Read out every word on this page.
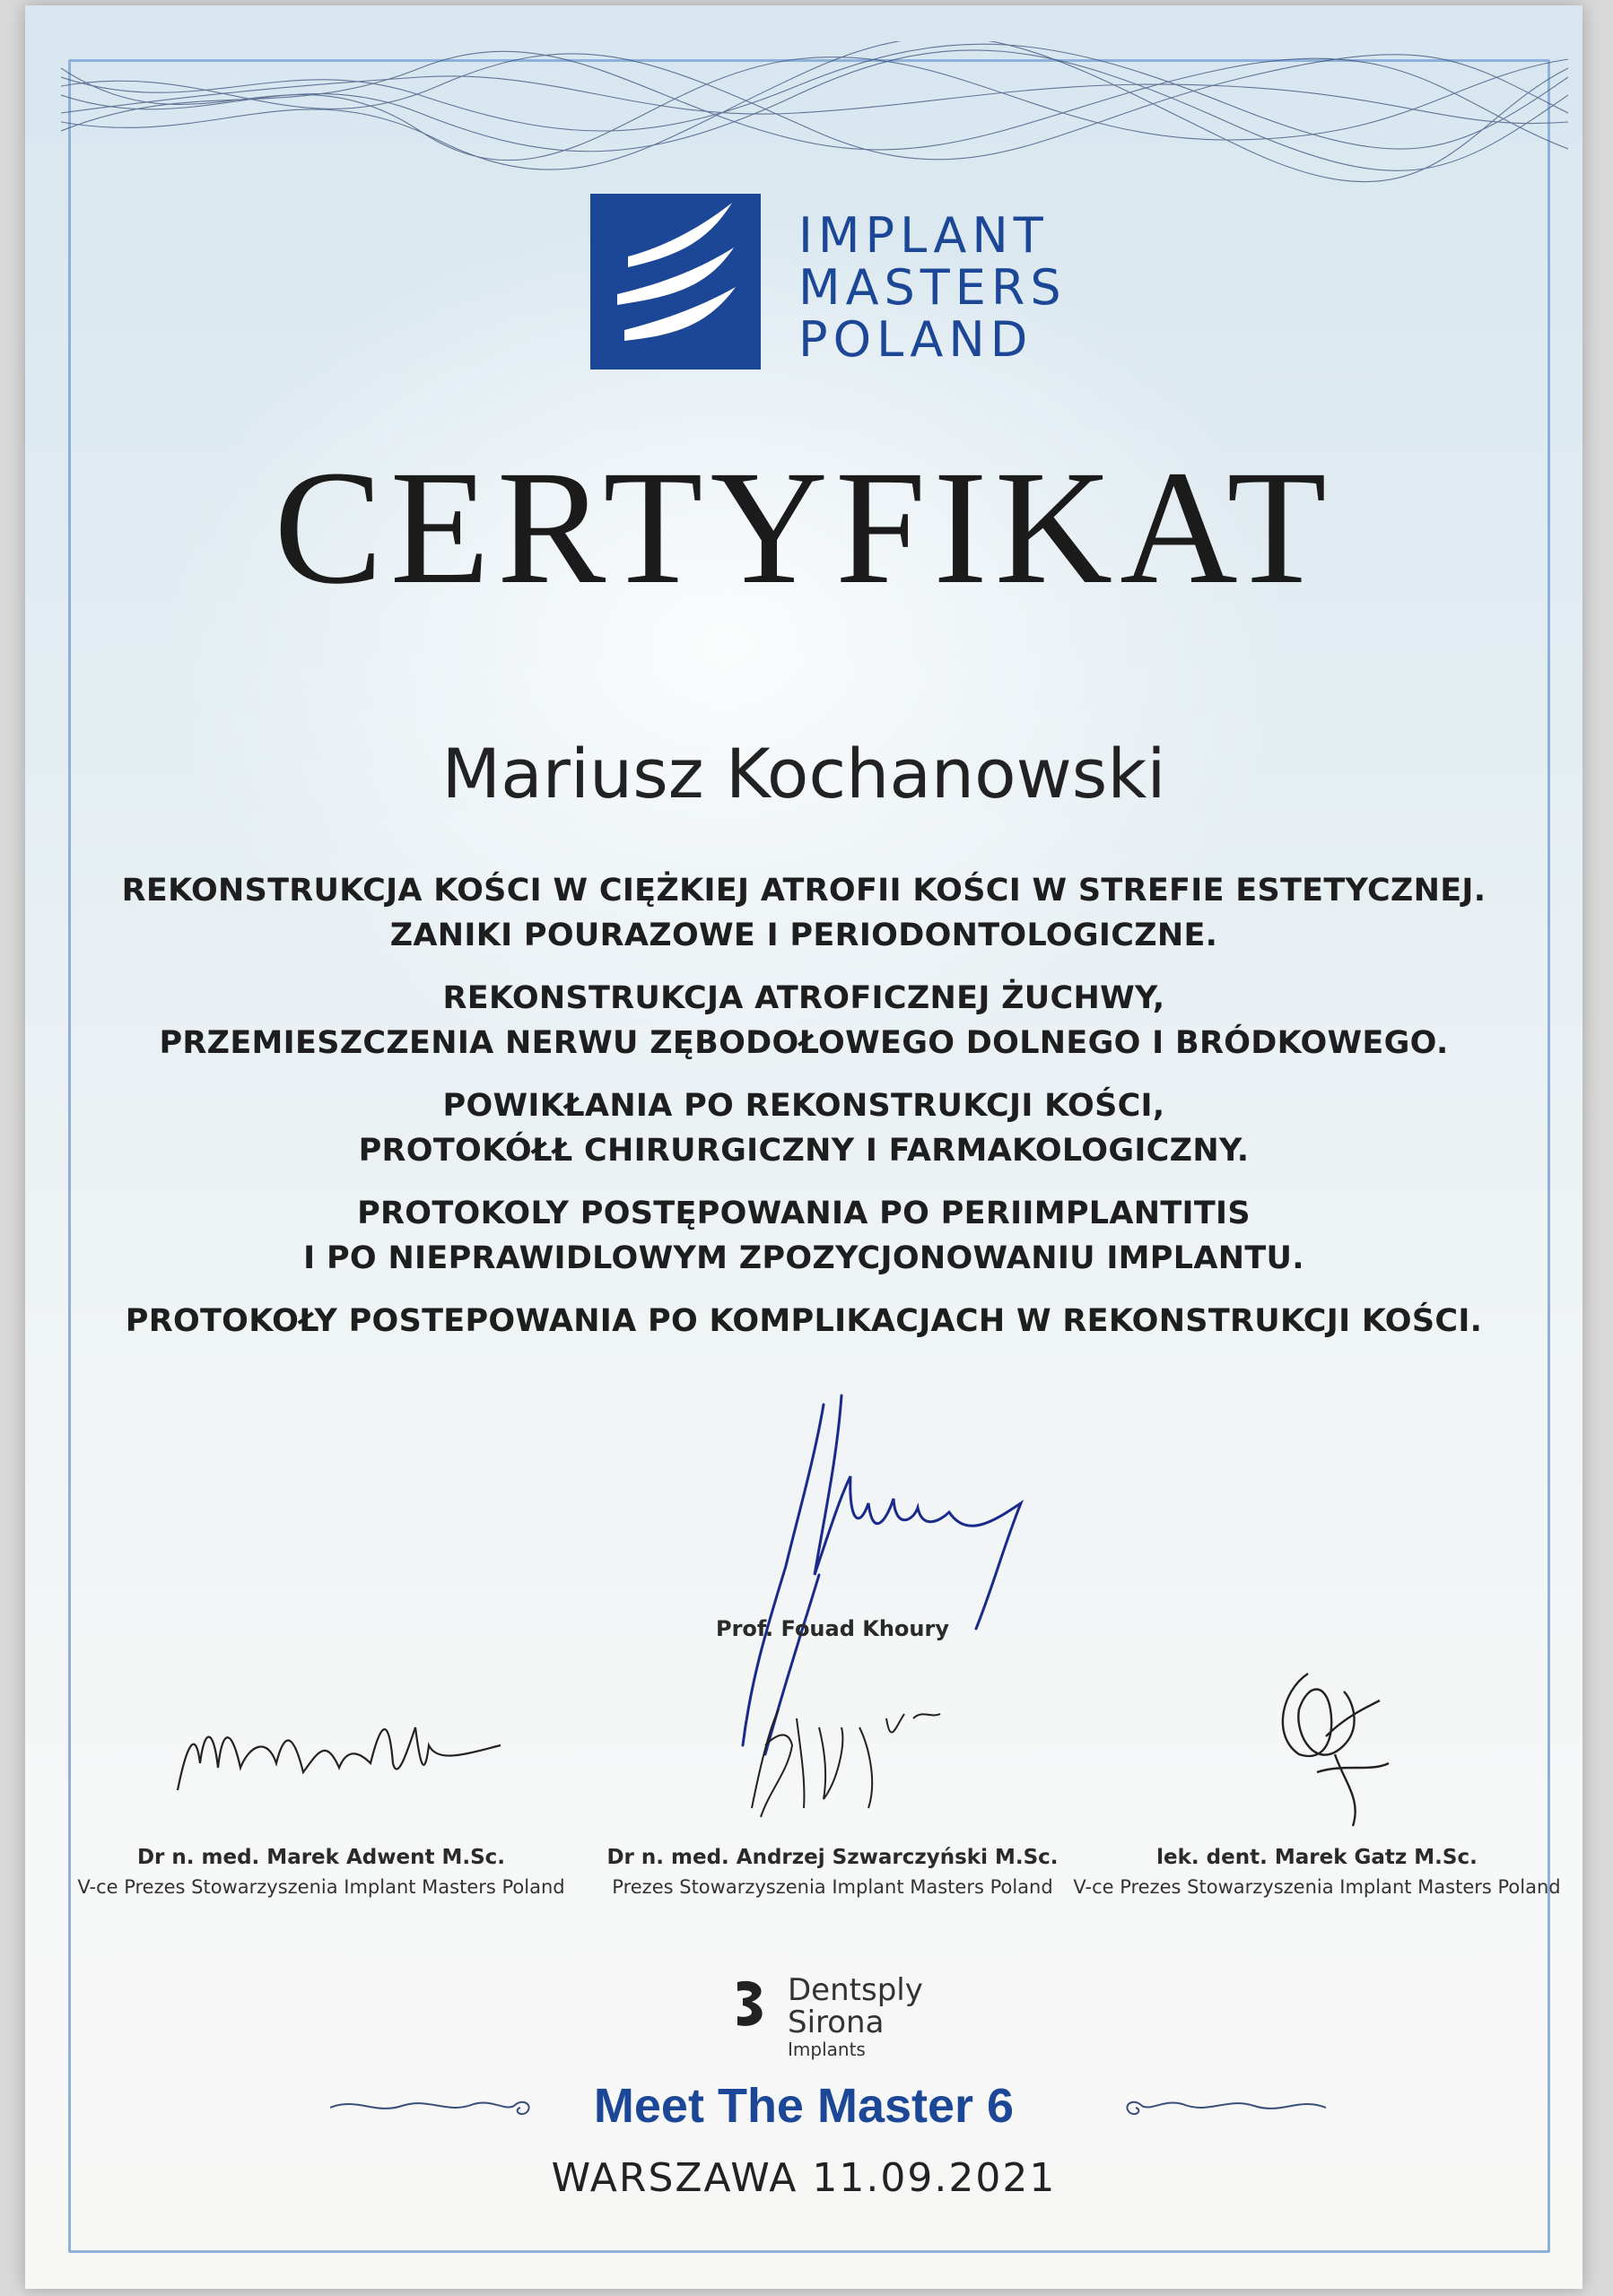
IMPLANT
MASTERS
POLAND
CERTYFIKAT
Mariusz Kochanowski
REKONSTRUKCJA KOŚCI W CIĘŻKIEJ ATROFII KOŚCI W STREFIE ESTETYCZNEJ.
ZANIKI POURAZOWE I PERIODONTOLOGICZNE.
REKONSTRUKCJA ATROFICZNEJ ŻUCHWY,
PRZEMIESZCZENIA NERWU ZĘBODOŁOWEGO DOLNEGO I BRÓDKOWEGO.
POWIKŁANIA PO REKONSTRUKCJI KOŚCI,
PROTOKÓŁŁ CHIRURGICZNY I FARMAKOLOGICZNY.
PROTOKOLY POSTĘPOWANIA PO PERIIMPLANTITIS
I PO NIEPRAWIDLOWYM ZPOZYCJONOWANIU IMPLANTU.
PROTOKOŁY POSTEPOWANIA PO KOMPLIKACJACH W REKONSTRUKCJI KOŚCI.
Prof. Fouad Khoury
Dr n. med. Marek Adwent M.Sc.
V-ce Prezes Stowarzyszenia Implant Masters Poland
Dr n. med. Andrzej Szwarczyński M.Sc.
Prezes Stowarzyszenia Implant Masters Poland
lek. dent. Marek Gatz M.Sc.
V-ce Prezes Stowarzyszenia Implant Masters Poland
Dentsply
Sirona
Implants
Meet The Master 6
WARSZAWA 11.09.2021
